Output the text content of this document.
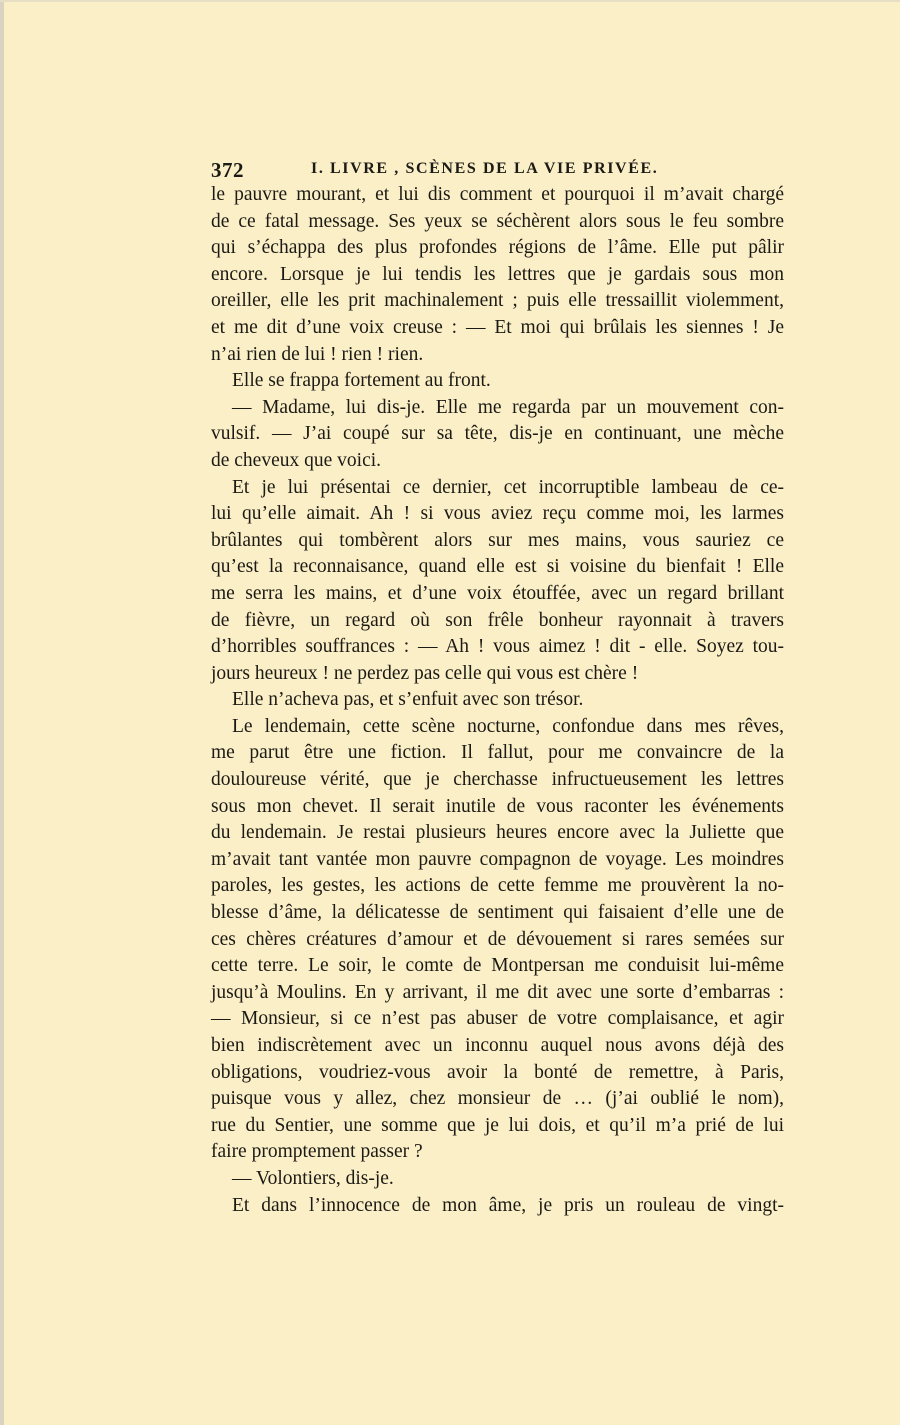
372	I. LIVRE , SCÈNES DE LA VIE PRIVÉE.
le pauvre mourant, et lui dis comment et pourquoi il m’avait chargé
de ce fatal message. Ses yeux se séchèrent alors sous le feu sombre
qui s’échappa des plus profondes régions de l’âme. Elle put pâlir
encore. Lorsque je lui tendis les lettres que je gardais sous mon
oreiller, elle les prit machinalement ; puis elle tressaillit violemment,
et me dit d’une voix creuse : — Et moi qui brûlais les siennes ! Je
n’ai rien de lui ! rien ! rien.
Elle se frappa fortement au front.
— Madame, lui dis-je. Elle me regarda par un mouvement con-
vulsif. — J’ai coupé sur sa tête, dis-je en continuant, une mèche
de cheveux que voici.
Et je lui présentai ce dernier, cet incorruptible lambeau de ce-
lui qu’elle aimait. Ah ! si vous aviez reçu comme moi, les larmes
brûlantes qui tombèrent alors sur mes mains, vous sauriez ce
qu’est la reconnaisance, quand elle est si voisine du bienfait ! Elle
me serra les mains, et d’une voix étouffée, avec un regard brillant
de fièvre, un regard où son frêle bonheur rayonnait à travers
d’horribles souffrances : — Ah ! vous aimez ! dit - elle. Soyez tou-
jours heureux ! ne perdez pas celle qui vous est chère !
Elle n’acheva pas, et s’enfuit avec son trésor.
Le lendemain, cette scène nocturne, confondue dans mes rêves,
me parut être une fiction. Il fallut, pour me convaincre de la
douloureuse vérité, que je cherchasse infructueusement les lettres
sous mon chevet. Il serait inutile de vous raconter les événements
du lendemain. Je restai plusieurs heures encore avec la Juliette que
m’avait tant vantée mon pauvre compagnon de voyage. Les moindres
paroles, les gestes, les actions de cette femme me prouvèrent la no-
blesse d’âme, la délicatesse de sentiment qui faisaient d’elle une de
ces chères créatures d’amour et de dévouement si rares semées sur
cette terre. Le soir, le comte de Montpersan me conduisit lui-même
jusqu’à Moulins. En y arrivant, il me dit avec une sorte d’embarras :
— Monsieur, si ce n’est pas abuser de votre complaisance, et agir
bien indiscrètement avec un inconnu auquel nous avons déjà des
obligations, voudriez-vous avoir la bonté de remettre, à Paris,
puisque vous y allez, chez monsieur de … (j’ai oublié le nom),
rue du Sentier, une somme que je lui dois, et qu’il m’a prié de lui
faire promptement passer ?
— Volontiers, dis-je.
Et dans l’innocence de mon âme, je pris un rouleau de vingt-
